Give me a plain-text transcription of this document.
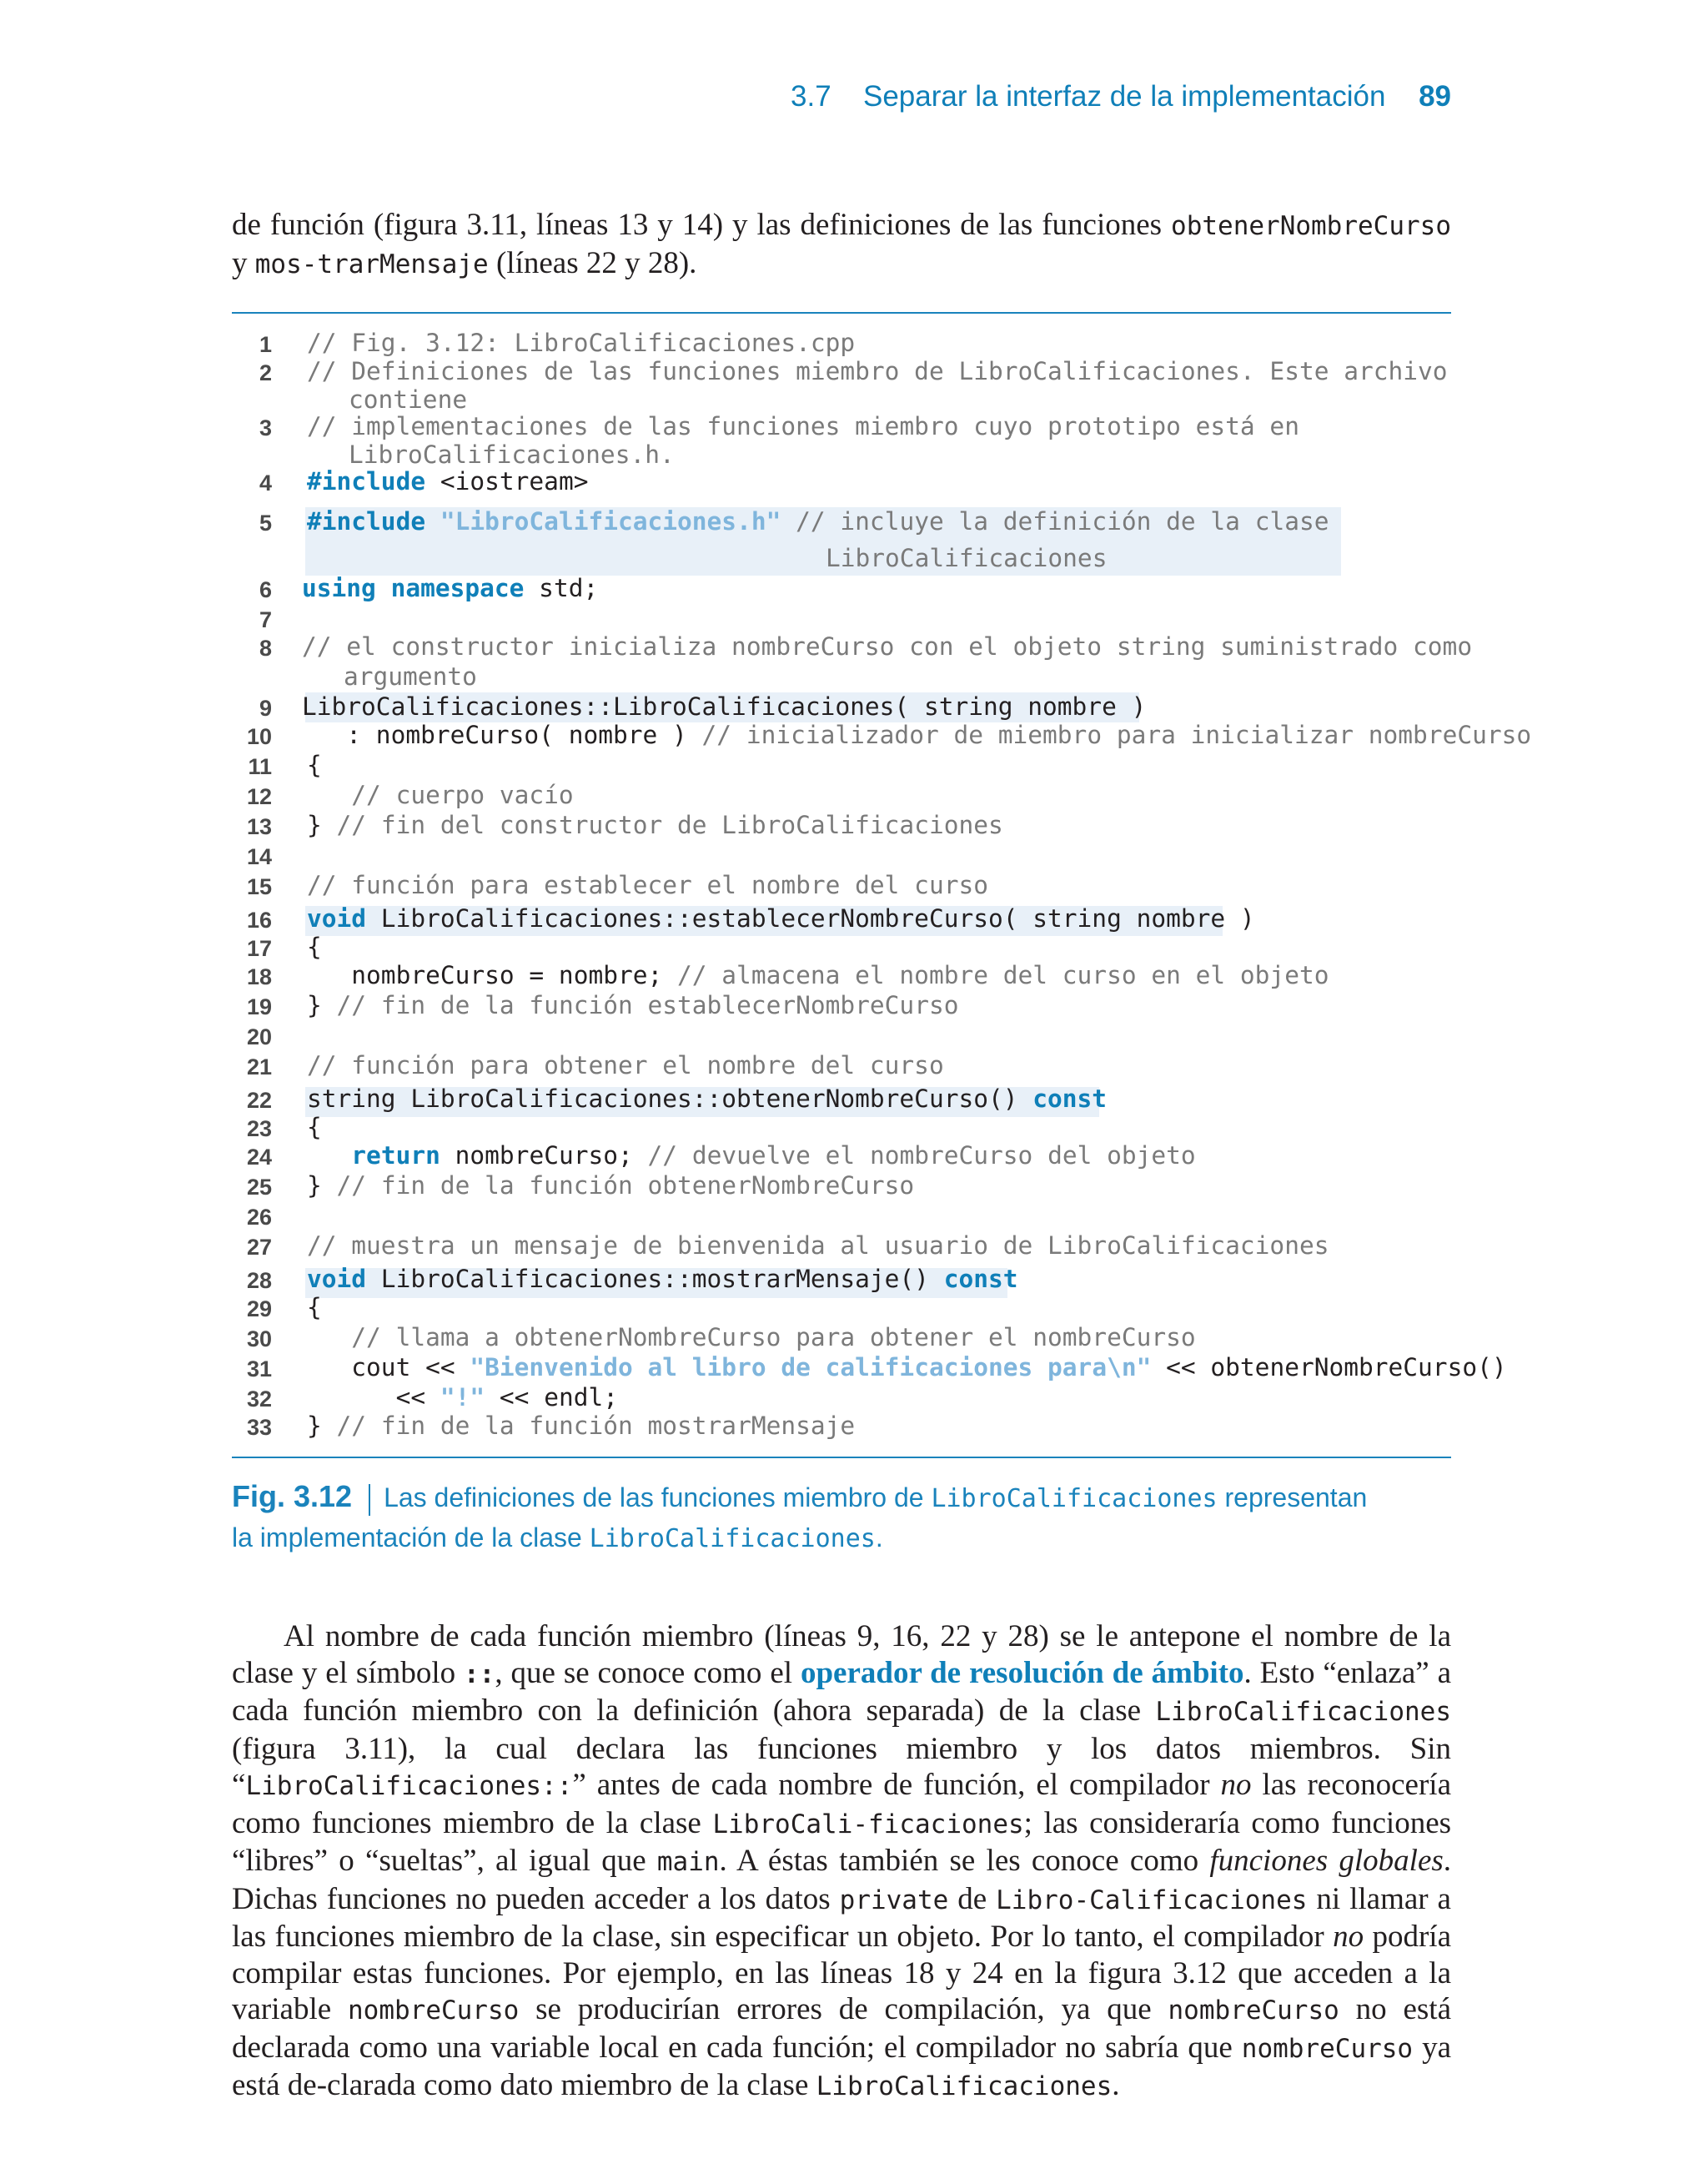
3.7 Separar la interfaz de la implementación 89
de función (figura 3.11, líneas 13 y 14) y las definiciones de las funciones obtenerNombreCurso y mos-trarMensaje (líneas 22 y 28).
1
2
3
4
5
6
7
8
9
10
11
12
13
14
15
16
17
18
19
20
21
22
23
24
25
26
27
28
29
30
31
32
33
// Fig. 3.12: LibroCalificaciones.cpp
// Definiciones de las funciones miembro de LibroCalificaciones. Este archivo
contiene
// implementaciones de las funciones miembro cuyo prototipo está en
LibroCalificaciones.h.
#include <iostream>
#include "LibroCalificaciones.h" // incluye la definición de la clase
LibroCalificaciones
using namespace std;
// el constructor inicializa nombreCurso con el objeto string suministrado como
argumento
LibroCalificaciones::LibroCalificaciones( string nombre )
: nombreCurso( nombre ) // inicializador de miembro para inicializar nombreCurso
{
// cuerpo vacío
} // fin del constructor de LibroCalificaciones
// función para establecer el nombre del curso
void LibroCalificaciones::establecerNombreCurso( string nombre )
{
nombreCurso = nombre; // almacena el nombre del curso en el objeto
} // fin de la función establecerNombreCurso
// función para obtener el nombre del curso
string LibroCalificaciones::obtenerNombreCurso() const
{
return nombreCurso; // devuelve el nombreCurso del objeto
} // fin de la función obtenerNombreCurso
// muestra un mensaje de bienvenida al usuario de LibroCalificaciones
void LibroCalificaciones::mostrarMensaje() const
{
// llama a obtenerNombreCurso para obtener el nombreCurso
cout << "Bienvenido al libro de calificaciones para\n" << obtenerNombreCurso()
<< "!" << endl;
} // fin de la función mostrarMensaje
Fig. 3.12 Las definiciones de las funciones miembro de LibroCalificaciones representan
la implementación de la clase LibroCalificaciones.
Al nombre de cada función miembro (líneas 9, 16, 22 y 28) se le antepone el nombre de la clase y el símbolo ::, que se conoce como el operador de resolución de ámbito. Esto “enlaza” a cada función miembro con la definición (ahora separada) de la clase LibroCalificaciones (figura 3.11), la cual declara las funciones miembro y los datos miembros. Sin “LibroCalificaciones::” antes de cada nombre de función, el compilador no las reconocería como funciones miembro de la clase LibroCali-ficaciones; las consideraría como funciones “libres” o “sueltas”, al igual que main. A éstas también se les conoce como funciones globales. Dichas funciones no pueden acceder a los datos private de Libro-Calificaciones ni llamar a las funciones miembro de la clase, sin especificar un objeto. Por lo tanto, el compilador no podría compilar estas funciones. Por ejemplo, en las líneas 18 y 24 en la figura 3.12 que acceden a la variable nombreCurso se producirían errores de compilación, ya que nombreCurso no está declarada como una variable local en cada función; el compilador no sabría que nombreCurso ya está de-clarada como dato miembro de la clase LibroCalificaciones.
